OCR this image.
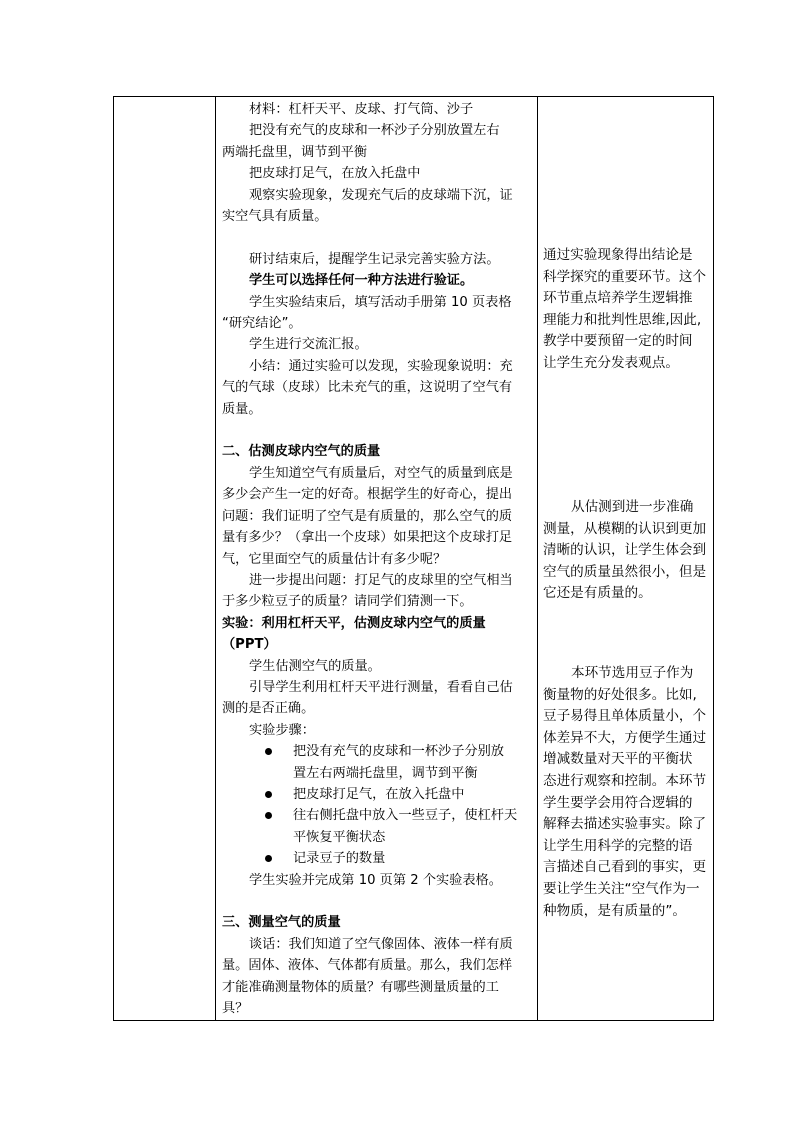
材料：杠杆天平、皮球、打气筒、沙子
把没有充气的皮球和一杯沙子分别放置左右
两端托盘里，调节到平衡
把皮球打足气，在放入托盘中
观察实验现象，发现充气后的皮球端下沉，证
实空气具有质量。
研讨结束后，提醒学生记录完善实验方法。
学生可以选择任何一种方法进行验证。
学生实验结束后，填写活动手册第 10 页表格
“研究结论”。
学生进行交流汇报。
小结：通过实验可以发现，实验现象说明：充
气的气球（皮球）比未充气的重，这说明了空气有
质量。
二、估测皮球内空气的质量
学生知道空气有质量后，对空气的质量到底是
多少会产生一定的好奇。根据学生的好奇心，提出
问题：我们证明了空气是有质量的，那么空气的质
量有多少？（拿出一个皮球）如果把这个皮球打足
气，它里面空气的质量估计有多少呢？
进一步提出问题：打足气的皮球里的空气相当
于多少粒豆子的质量？请同学们猜测一下。
实验：利用杠杆天平，估测皮球内空气的质量
（PPT）
学生估测空气的质量。
引导学生利用杠杆天平进行测量，看看自己估
测的是否正确。
实验步骤：
把没有充气的皮球和一杯沙子分别放
置左右两端托盘里，调节到平衡
把皮球打足气，在放入托盘中
往右侧托盘中放入一些豆子，使杠杆天
平恢复平衡状态
记录豆子的数量
学生实验并完成第 10 页第 2 个实验表格。
三、测量空气的质量
谈话：我们知道了空气像固体、液体一样有质
量。固体、液体、气体都有质量。那么，我们怎样
才能准确测量物体的质量？有哪些测量质量的工
具？
通过实验现象得出结论是
科学探究的重要环节。这个
环节重点培养学生逻辑推
理能力和批判性思维,因此,
教学中要预留一定的时间
让学生充分发表观点。
从估测到进一步准确
测量，从模糊的认识到更加
清晰的认识，让学生体会到
空气的质量虽然很小，但是
它还是有质量的。
本环节选用豆子作为
衡量物的好处很多。比如,
豆子易得且单体质量小，个
体差异不大，方便学生通过
增减数量对天平的平衡状
态进行观察和控制。本环节
学生要学会用符合逻辑的
解释去描述实验事实。除了
让学生用科学的完整的语
言描述自己看到的事实，更
要让学生关注“空气作为一
种物质，是有质量的”。
